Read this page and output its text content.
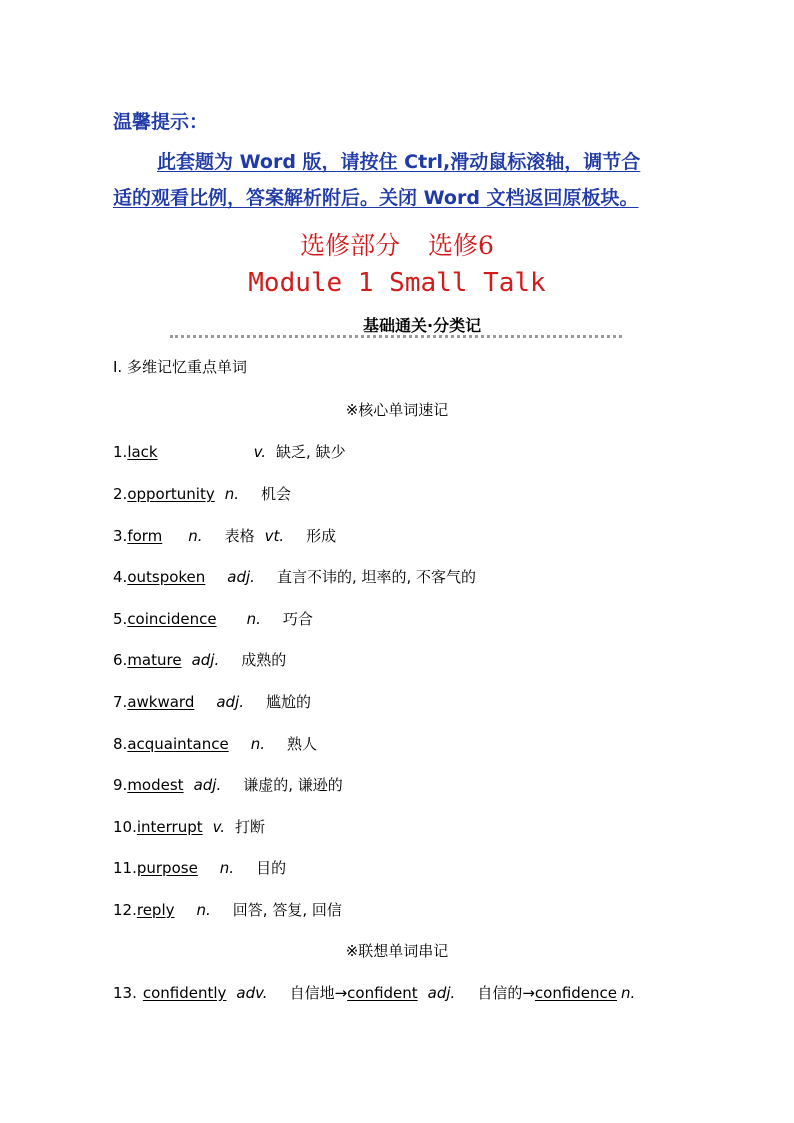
温馨提示：
此套题为 Word 版，请按住 Ctrl,滑动鼠标滚轴，调节合
适的观看比例，答案解析附后。关闭 Word 文档返回原板块。
选修部分 选修6
Module 1 Small Talk
基础通关·分类记
Ⅰ. 多维记忆重点单词
※核心单词速记
1.lack	v. 缺乏, 缺少
2.opportunity n. 机会
3.form n. 表格 vt. 形成
4.outspoken adj. 直言不讳的, 坦率的, 不客气的
5.coincidence n. 巧合
6.mature adj. 成熟的
7.awkward adj. 尴尬的
8.acquaintance n. 熟人
9.modest adj. 谦虚的, 谦逊的
10.interrupt v. 打断
11.purpose n. 目的
12.reply n. 回答, 答复, 回信
※联想单词串记
13. confidently adv. 自信地→confident adj. 自信的→confidence n.
